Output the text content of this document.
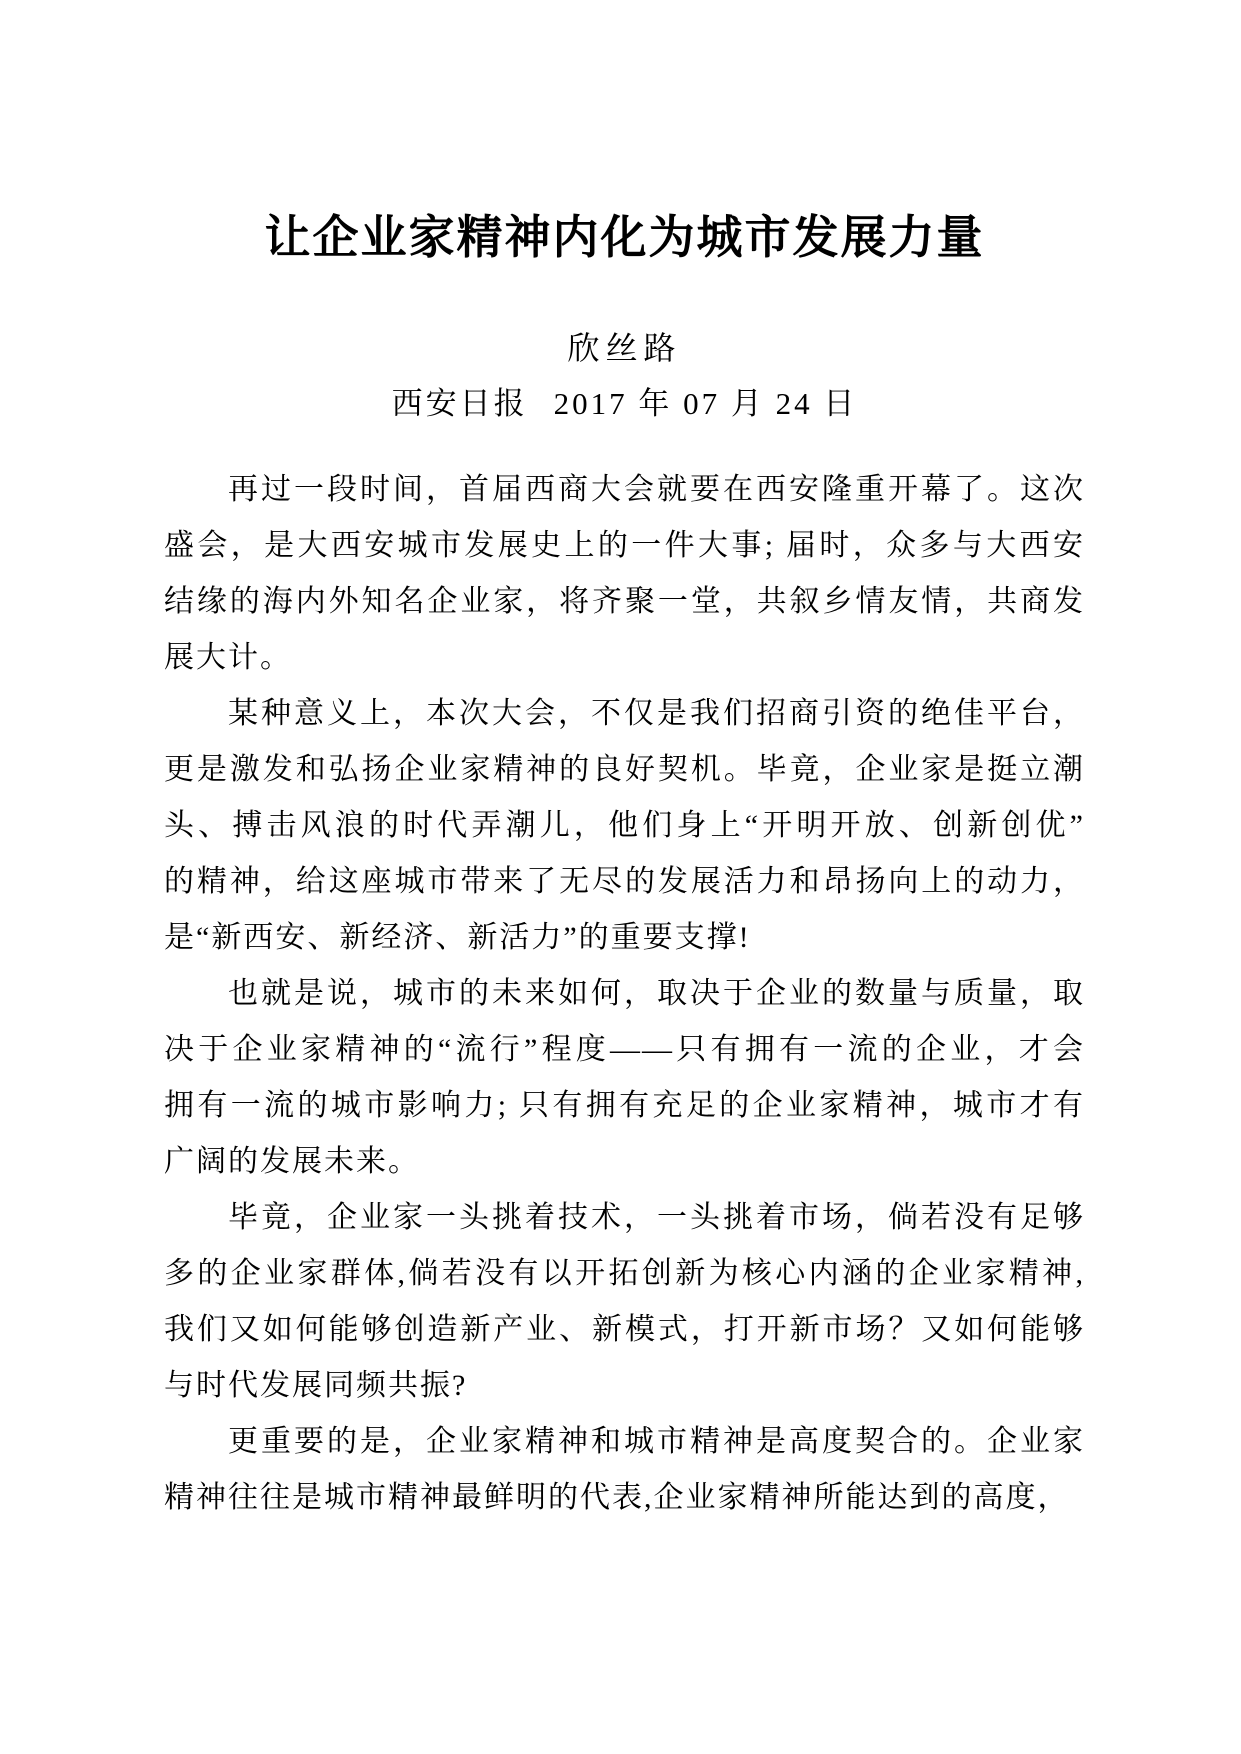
让企业家精神内化为城市发展力量
欣丝路
西安日报 2017 年 07 月 24 日

再过一段时间，首届西商大会就要在西安隆重开幕了。这次
盛会，是大西安城市发展史上的一件大事; 届时，众多与大西安
结缘的海内外知名企业家，将齐聚一堂，共叙乡情友情，共商发
展大计。

某种意义上，本次大会，不仅是我们招商引资的绝佳平台，
更是激发和弘扬企业家精神的良好契机。毕竟，企业家是挺立潮
头、搏击风浪的时代弄潮儿，他们身上“开明开放、创新创优”
的精神，给这座城市带来了无尽的发展活力和昂扬向上的动力，
是“新西安、新经济、新活力”的重要支撑!

也就是说，城市的未来如何，取决于企业的数量与质量，取
决于企业家精神的“流行”程度——只有拥有一流的企业，才会
拥有一流的城市影响力; 只有拥有充足的企业家精神，城市才有
广阔的发展未来。

毕竟，企业家一头挑着技术，一头挑着市场，倘若没有足够
多的企业家群体,倘若没有以开拓创新为核心内涵的企业家精神,
我们又如何能够创造新产业、新模式，打开新市场？又如何能够
与时代发展同频共振?

更重要的是，企业家精神和城市精神是高度契合的。企业家
精神往往是城市精神最鲜明的代表,企业家精神所能达到的高度，
